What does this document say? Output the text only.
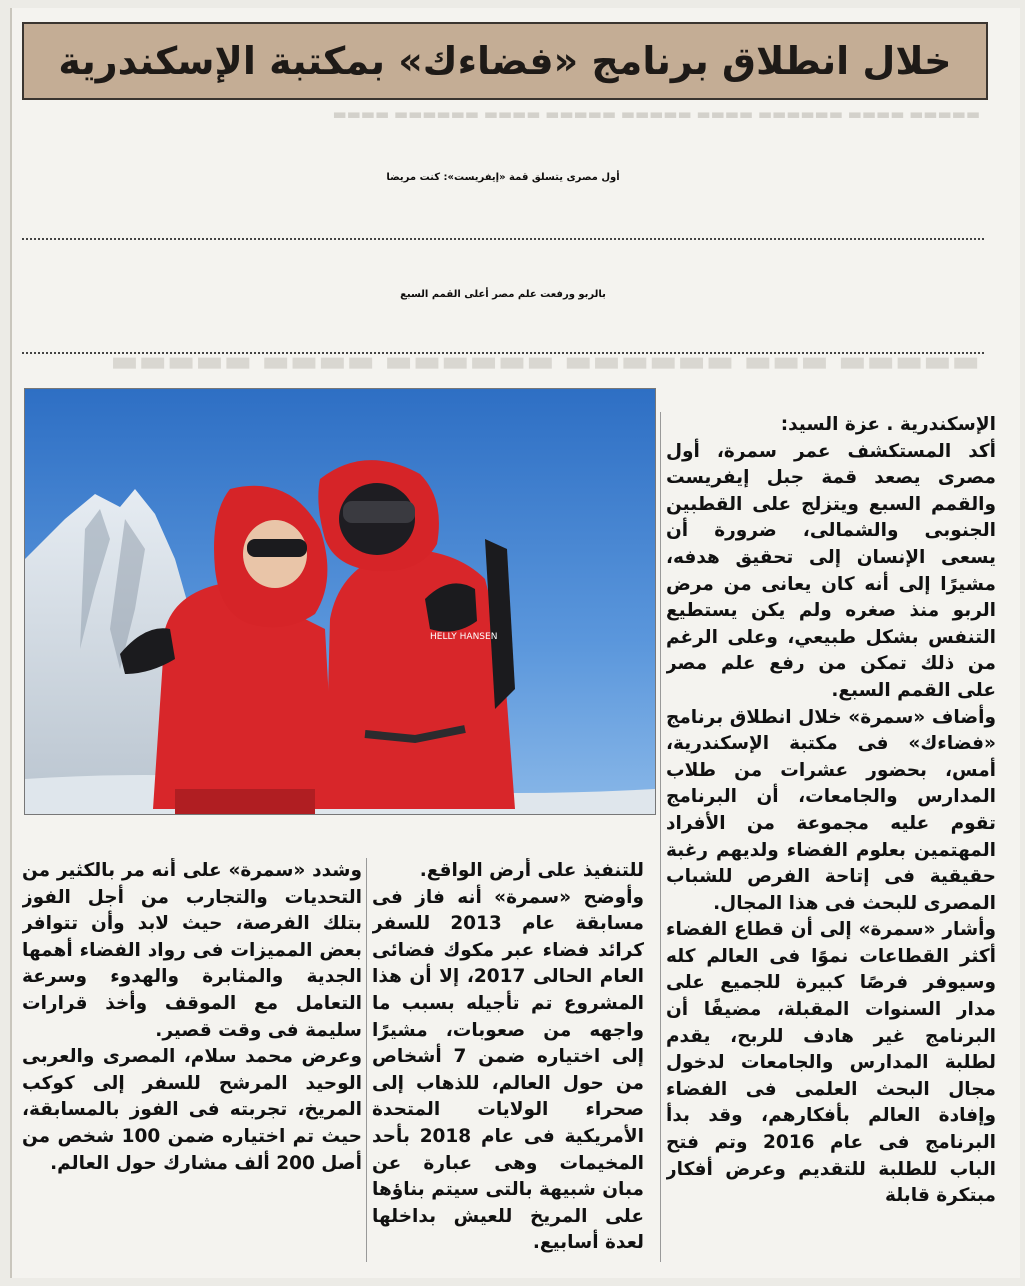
▬▬▬▬▬ ▬▬▬▬ ▬▬▬▬▬▬ ▬▬▬▬ ▬▬▬▬▬ ▬▬▬▬▬ ▬▬▬▬ ▬▬▬▬▬▬ ▬▬▬▬
▬▬▬▬▬ ▬▬▬ ▬▬▬▬▬▬ ▬▬▬▬▬▬ ▬▬▬▬ ▬▬▬▬▬
خلال انطلاق برنامج «فضاءك» بمكتبة الإسكندرية
أول مصرى يتسلق قمة «إيفريست»: كنت مريضا
بالربو ورفعت علم مصر أعلى القمم السبع
HELLY HANSEN

الإسكندرية . عزة السيد:

أكد المستكشف عمر سمرة، أول مصرى يصعد قمة جبل إيفريست والقمم السبع ويتزلج على القطبين الجنوبى والشمالى، ضرورة أن يسعى الإنسان إلى تحقيق هدفه، مشيرًا إلى أنه كان يعانى من مرض الربو منذ صغره ولم يكن يستطيع التنفس بشكل طبيعي، وعلى الرغم من ذلك تمكن من رفع علم مصر على القمم السبع.

وأضاف «سمرة» خلال انطلاق برنامج «فضاءك» فى مكتبة الإسكندرية، أمس، بحضور عشرات من طلاب المدارس والجامعات، أن البرنامج تقوم عليه مجموعة من الأفراد المهتمين بعلوم الفضاء ولديهم رغبة حقيقية فى إتاحة الفرص للشباب المصرى للبحث فى هذا المجال.

وأشار «سمرة» إلى أن قطاع الفضاء أكثر القطاعات نموًا فى العالم كله وسيوفر فرصًا كبيرة للجميع على مدار السنوات المقبلة، مضيفًا أن البرنامج غير هادف للربح، يقدم لطلبة المدارس والجامعات لدخول مجال البحث العلمى فى الفضاء وإفادة العالم بأفكارهم، وقد بدأ البرنامج فى عام 2016 وتم فتح الباب للطلبة للتقديم وعرض أفكار مبتكرة قابلة

للتنفيذ على أرض الواقع.

وأوضح «سمرة» أنه فاز فى مسابقة عام 2013 للسفر كرائد فضاء عبر مكوك فضائى العام الحالى 2017، إلا أن هذا المشروع تم تأجيله بسبب ما واجهه من صعوبات، مشيرًا إلى اختياره ضمن 7 أشخاص من حول العالم، للذهاب إلى صحراء الولايات المتحدة الأمريكية فى عام 2018 بأحد المخيمات وهى عبارة عن مبان شبيهة بالتى سيتم بناؤها على المريخ للعيش بداخلها لعدة أسابيع.

وشدد «سمرة» على أنه مر بالكثير من التحديات والتجارب من أجل الفوز بتلك الفرصة، حيث لابد وأن تتوافر بعض المميزات فى رواد الفضاء أهمها الجدية والمثابرة والهدوء وسرعة التعامل مع الموقف وأخذ قرارات سليمة فى وقت قصير.

وعرض محمد سلام، المصرى والعربى الوحيد المرشح للسفر إلى كوكب المريخ، تجربته فى الفوز بالمسابقة، حيث تم اختياره ضمن 100 شخص من أصل 200 ألف مشارك حول العالم.
